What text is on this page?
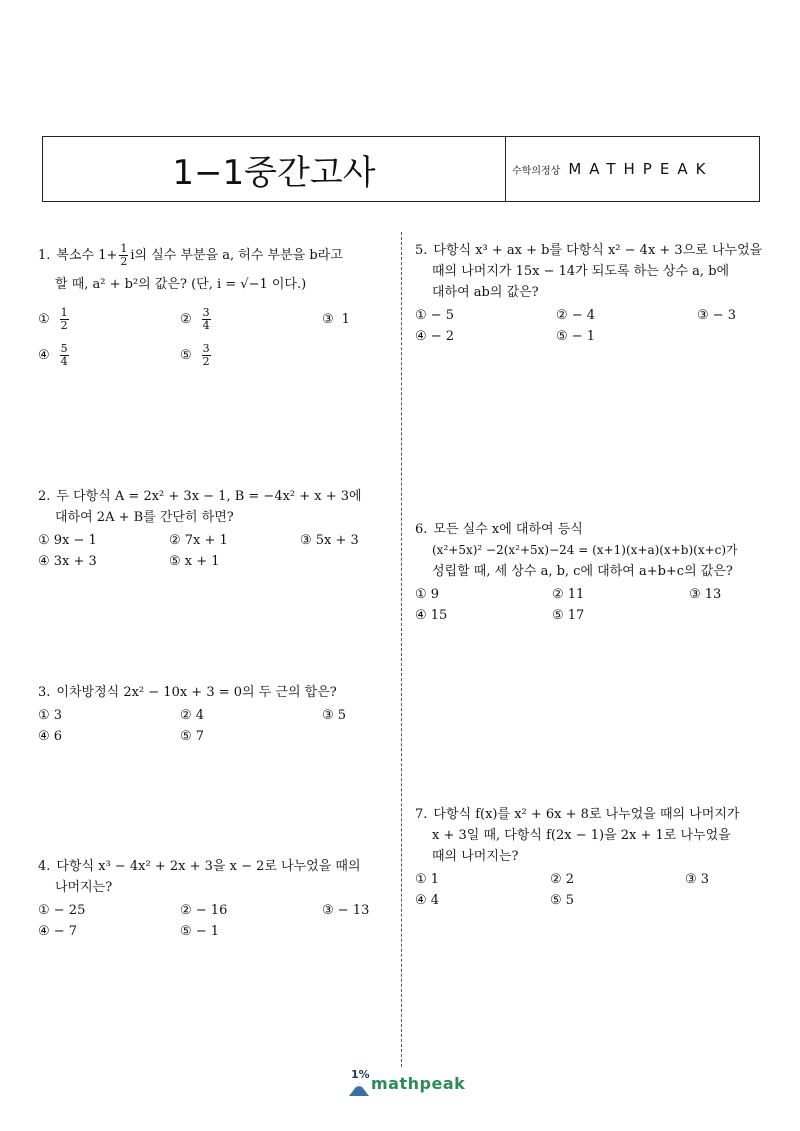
1−1중간고사	수학의정상 MATHPEAK
1. 복소수 $1+ \frac{1}{2}$ i의 실수 부분을 a, 허수 부분을 b라고
할 때, a² + b²의 값은? (단, i = √−1 이다.)
① $\frac{1}{2}$	② $\frac{3}{4}$	③ 1
④ $\frac{5}{4}$	⑤ $\frac{3}{2}$
2. 두 다항식 A = 2x² + 3x − 1, B = −4x² + x + 3에
대하여 2A + B를 간단히 하면?
① 9x − 1	② 7x + 1	③ 5x + 3
④ 3x + 3	⑤ x + 1
3. 이차방정식 2x² − 10x + 3 = 0의 두 근의 합은?
① 3	② 4	③ 5
④ 6	⑤ 7
4. 다항식 x³ − 4x² + 2x + 3을 x − 2로 나누었을 때의
나머지는?
① − 25	② − 16	③ − 13
④ − 7	⑤ − 1
5. 다항식 x³ + ax + b를 다항식 x² − 4x + 3으로 나누었을
때의 나머지가 15x − 14가 되도록 하는 상수 a, b에
대하여 ab의 값은?
① − 5	② − 4	③ − 3
④ − 2	⑤ − 1
6. 모든 실수 x에 대하여 등식
(x²+5x)² −2(x²+5x)−24 = (x+1)(x+a)(x+b)(x+c)가
성립할 때, 세 상수 a, b, c에 대하여 a+b+c의 값은?
① 9	② 11	③ 13
④ 15	⑤ 17
7. 다항식 f(x)를 x² + 6x + 8로 나누었을 때의 나머지가
x + 3일 때, 다항식 f(2x − 1)을 2x + 1로 나누었을
때의 나머지는?
① 1	② 2	③ 3
④ 4	⑤ 5
1% mathpeak
